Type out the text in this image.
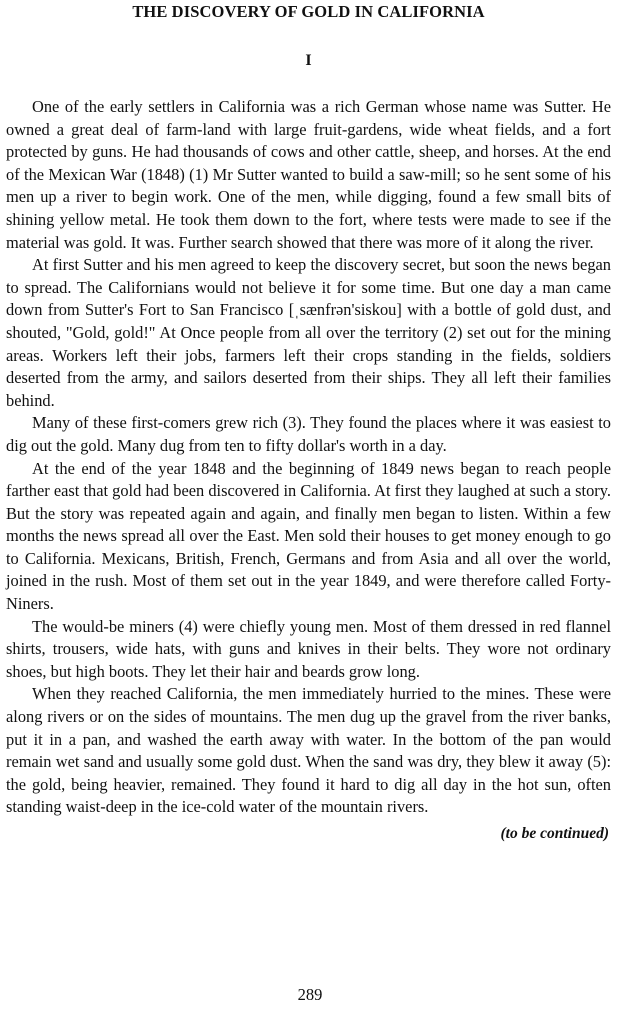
THE DISCOVERY OF GOLD IN CALIFORNIA
I

One of the early settlers in California was a rich German whose name was Sutter. He owned a great deal of farm-land with large fruit-gardens, wide wheat fields, and a fort protected by guns. He had thousands of cows and other cattle, sheep, and horses. At the end of the Mexican War (1848) (1) Mr Sutter wanted to build a saw-mill; so he sent some of his men up a river to begin work. One of the men, while digging, found a few small bits of shining yellow metal. He took them down to the fort, where tests were made to see if the material was gold. It was. Further search showed that there was more of it along the river.

At first Sutter and his men agreed to keep the discovery secret, but soon the news began to spread. The Californians would not believe it for some time. But one day a man came down from Sutter's Fort to San Francisco [ˌsænfrən'siskou] with a bottle of gold dust, and shouted, "Gold, gold!" At Once people from all over the territory (2) set out for the mining areas. Workers left their jobs, farmers left their crops standing in the fields, soldiers deserted from the army, and sailors deserted from their ships. They all left their families behind.

Many of these first-comers grew rich (3). They found the places where it was easiest to dig out the gold. Many dug from ten to fifty dollar's worth in a day.

At the end of the year 1848 and the beginning of 1849 news began to reach people farther east that gold had been discovered in California. At first they laughed at such a story. But the story was repeated again and again, and finally men began to listen. Within a few months the news spread all over the East. Men sold their houses to get money enough to go to California. Mexicans, British, French, Germans and from Asia and all over the world, joined in the rush. Most of them set out in the year 1849, and were therefore called Forty-Niners.

The would-be miners (4) were chiefly young men. Most of them dressed in red flannel shirts, trousers, wide hats, with guns and knives in their belts. They wore not ordinary shoes, but high boots. They let their hair and beards grow long.

When they reached California, the men immediately hurried to the mines. These were along rivers or on the sides of mountains. The men dug up the gravel from the river banks, put it in a pan, and washed the earth away with water. In the bottom of the pan would remain wet sand and usually some gold dust. When the sand was dry, they blew it away (5): the gold, being heavier, remained. They found it hard to dig all day in the hot sun, often standing waist-deep in the ice-cold water of the mountain rivers.

(to be continued)
289
